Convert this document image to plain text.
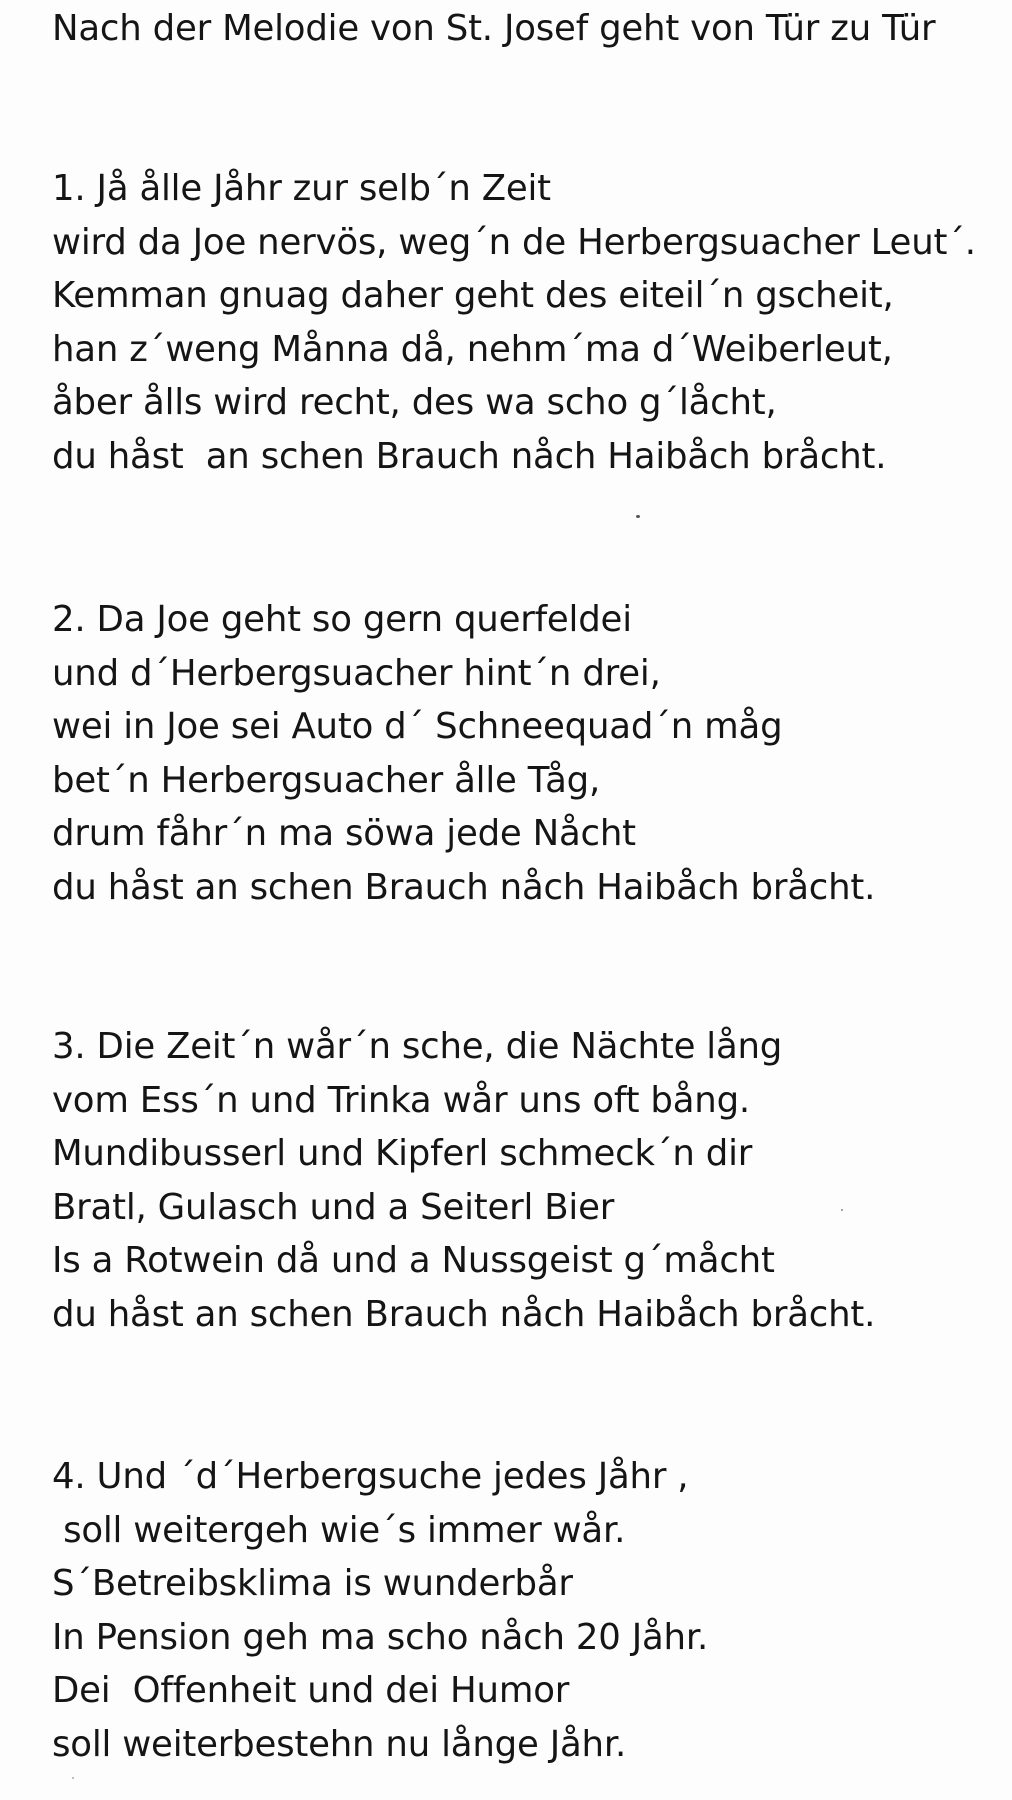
Nach der Melodie von St. Josef geht von Tür zu Tür
1. Jå ålle Jåhr zur selb´n Zeit
wird da Joe nervös, weg´n de Herbergsuacher Leut´.
Kemman gnuag daher geht des eiteil´n gscheit,
han z´weng Månna då, nehm´ma d´Weiberleut,
åber ålls wird recht, des wa scho g´låcht,
du håst  an schen Brauch nåch Haibåch bråcht.
2. Da Joe geht so gern querfeldei
und d´Herbergsuacher hint´n drei,
wei in Joe sei Auto d´ Schneequad´n måg
bet´n Herbergsuacher ålle Tåg,
drum fåhr´n ma söwa jede Nåcht
du håst an schen Brauch nåch Haibåch bråcht.
3. Die Zeit´n wår´n sche, die Nächte lång
vom Ess´n und Trinka wår uns oft bång.
Mundibusserl und Kipferl schmeck´n dir
Bratl, Gulasch und a Seiterl Bier
Is a Rotwein då und a Nussgeist g´måcht
du håst an schen Brauch nåch Haibåch bråcht.
4. Und ´d´Herbergsuche jedes Jåhr ,
soll weitergeh wie´s immer wår.
S´Betreibsklima is wunderbår
In Pension geh ma scho nåch 20 Jåhr.
Dei  Offenheit und dei Humor
soll weiterbestehn nu långe Jåhr.
